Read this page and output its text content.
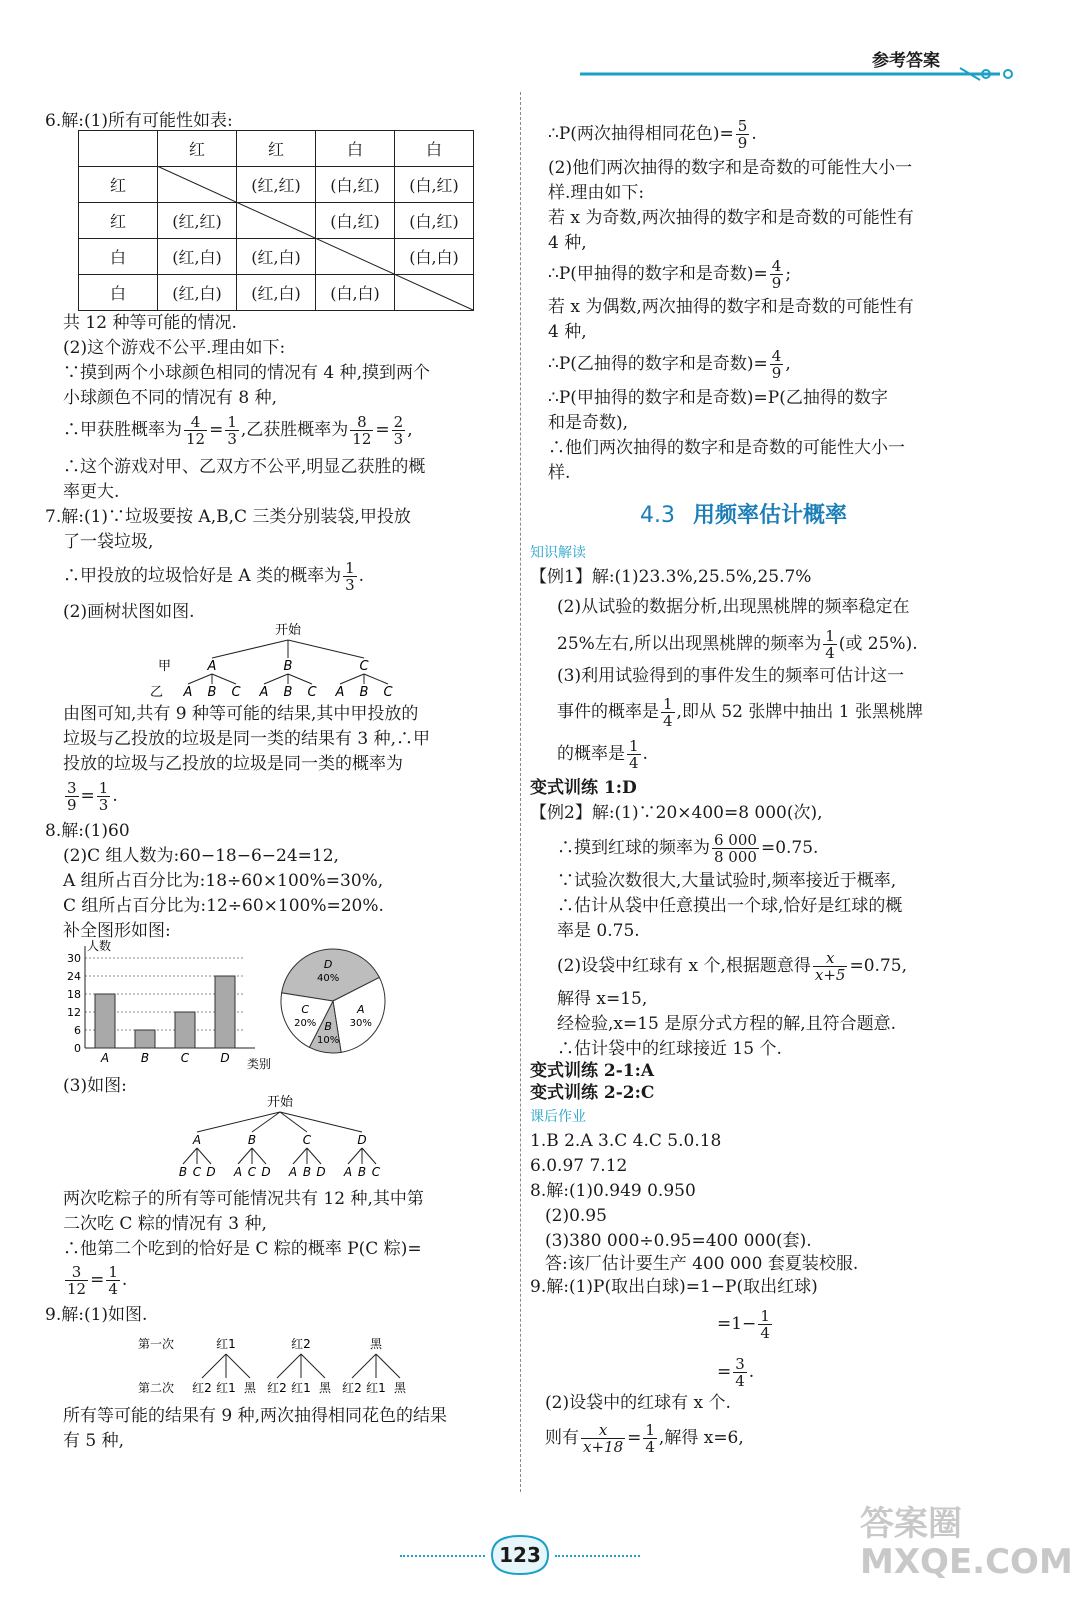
参考答案
6.解:(1)所有可能性如表:
	红	红	白	白
红		(红,红)	(白,红)	(白,红)
红	(红,红)		(白,红)	(白,红)
白	(红,白)	(红,白)		(白,白)
白	(红,白)	(红,白)	(白,白)	
共 12 种等可能的情况.
(2)这个游戏不公平.理由如下:
∵摸到两个小球颜色相同的情况有 4 种,摸到两个
小球颜色不同的情况有 8 种,
∴甲获胜概率为 $\frac{4}{12} = \frac{1}{3}$ ,乙获胜概率为 $\frac{8}{12} = \frac{2}{3}$ ,
∴这个游戏对甲、乙双方不公平,明显乙获胜的概
率更大.
7.解:(1)∵垃圾要按 A,B,C 三类分别装袋,甲投放
了一袋垃圾,
∴甲投放的垃圾恰好是 A 类的概率为 $\frac{1}{3}$ .
(2)画树状图如图.
开始
甲	A	B	C
A B C A B C A B C
乙
由图可知,共有 9 种等可能的结果,其中甲投放的
垃圾与乙投放的垃圾是同一类的结果有 3 种,∴甲
投放的垃圾与乙投放的垃圾是同一类的概率为
$\frac{3}{9} = \frac{1}{3}$ .
8.解:(1)60
(2)C 组人数为:60−18−6−24=12,
A 组所占百分比为:18÷60×100%=30%,
C 组所占百分比为:12÷60×100%=20%.
补全图形如图:
0
6
12
18
24
30
人数
类别
A	B	C	D
D
40%
A
30%
B
10%
C
20%
(3)如图:
开始
A
B C D
B
A C D
C
A B D
D
A B C
两次吃粽子的所有等可能情况共有 12 种,其中第
二次吃 C 粽的情况有 3 种,
∴他第二个吃到的恰好是 C 粽的概率 P(C 粽)=
$\frac{3}{12} = \frac{1}{4}$ .
9.解:(1)如图.
第一次
第二次
红1
红2 红1 黑
红2
红2 红1 黑
黑
红2 红1 黑
所有等可能的结果有 9 种,两次抽得相同花色的结果
有 5 种,
∴P(两次抽得相同花色)= $\frac{5}{9}$ .
(2)他们两次抽得的数字和是奇数的可能性大小一
样.理由如下:
若 x 为奇数,两次抽得的数字和是奇数的可能性有
4 种,
∴P(甲抽得的数字和是奇数)= $\frac{4}{9}$ ;
若 x 为偶数,两次抽得的数字和是奇数的可能性有
4 种,
∴P(乙抽得的数字和是奇数)= $\frac{4}{9}$ ,
∴P(甲抽得的数字和是奇数)=P(乙抽得的数字
和是奇数),
∴他们两次抽得的数字和是奇数的可能性大小一
样.
4.3 用频率估计概率
知识解读
【例1】解:(1)23.3%,25.5%,25.7%
(2)从试验的数据分析,出现黑桃牌的频率稳定在
25%左右,所以出现黑桃牌的频率为 $\frac{1}{4}$ (或 25%).
(3)利用试验得到的事件发生的频率可估计这一
事件的概率是 $\frac{1}{4}$ ,即从 52 张牌中抽出 1 张黑桃牌
的概率是 $\frac{1}{4}$ .
变式训练 1:D
【例2】解:(1)∵20×400=8 000(次),
∴摸到红球的频率为 $\frac{6 000}{8 000} =0.75$.
∵试验次数很大,大量试验时,频率接近于概率,
∴估计从袋中任意摸出一个球,恰好是红球的概
率是 0.75.
(2)设袋中红球有 x 个,根据题意得 $\frac{x}{x+5} =0.75$,
解得 x=15,
经检验,x=15 是原分式方程的解,且符合题意.
∴估计袋中的红球接近 15 个.
变式训练 2-1:A
变式训练 2-2:C
课后作业
1.B 2.A 3.C 4.C 5.0.18
6.0.97 7.12
8.解:(1)0.949 0.950
(2)0.95
(3)380 000÷0.95=400 000(套).
答:该厂估计要生产 400 000 套夏装校服.
9.解:(1)P(取出白球)=1−P(取出红球)
$=1- \frac{1}{4}$
= $\frac{3}{4}$ .
(2)设袋中的红球有 x 个.
则有 $\frac{x}{x+18} = \frac{1}{4}$ ,解得 x=6,
123
答案圈 MXQE.COM
